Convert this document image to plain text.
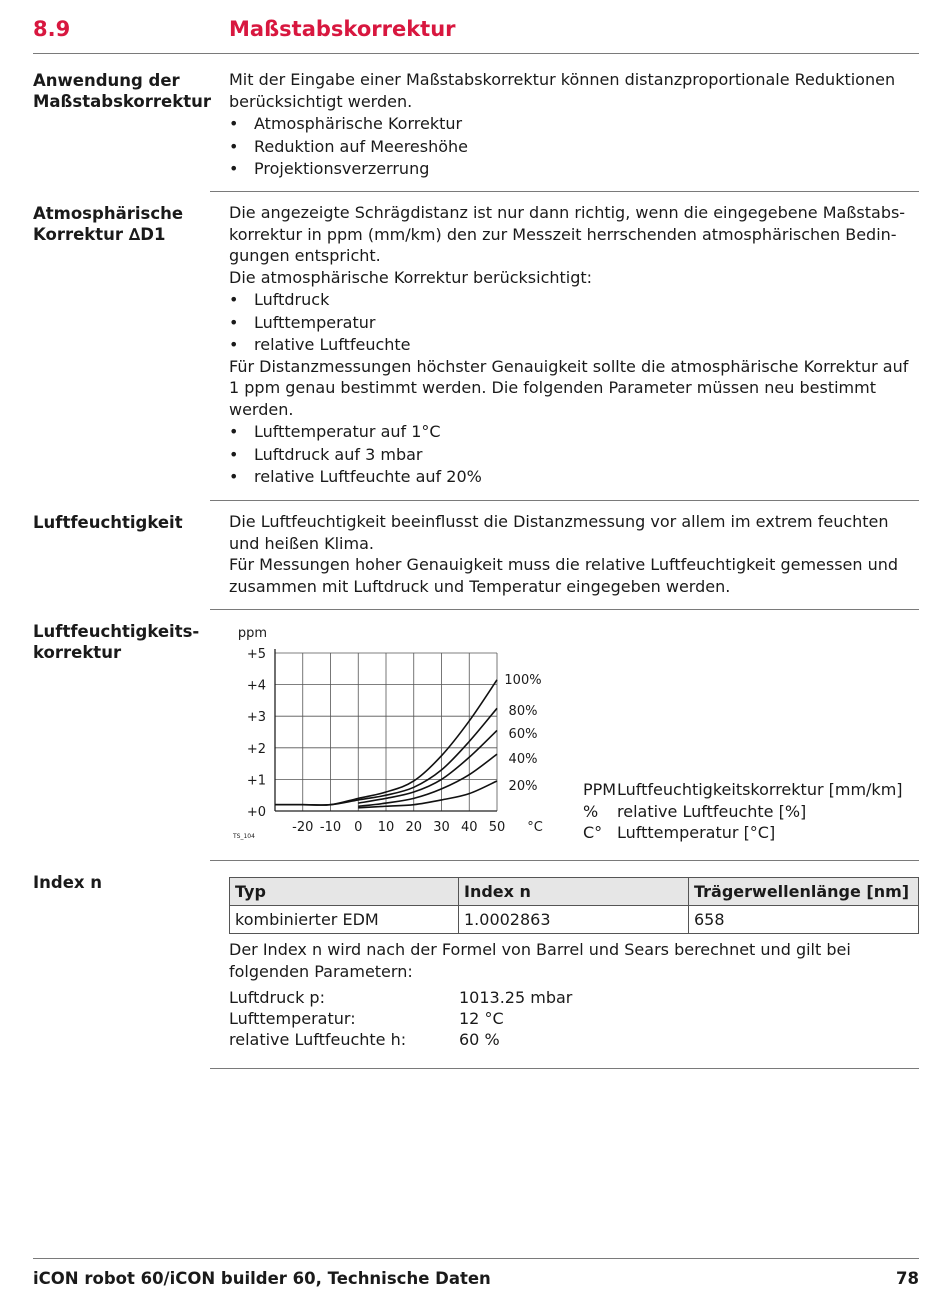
8.9	Maßstabskorrektur
Anwendung der
Maßstabskorrektur

Mit der Eingabe einer Maßstabskorrektur können distanzproportionale Reduktionen berücksichtigt werden.

• Atmosphärische Korrektur
• Reduktion auf Meereshöhe
• Projektionsverzerrung
Atmosphärische
Korrektur ∆D1

Die angezeigte Schrägdistanz ist nur dann richtig, wenn die eingegebene Maßstabs-korrektur in ppm (mm/km) den zur Messzeit herrschenden atmosphärischen Bedin-gungen entspricht.

Die atmosphärische Korrektur berücksichtigt:

• Luftdruck
• Lufttemperatur
• relative Luftfeuchte

Für Distanzmessungen höchster Genauigkeit sollte die atmosphärische Korrektur auf 1 ppm genau bestimmt werden. Die folgenden Parameter müssen neu bestimmt werden.

• Lufttemperatur auf 1°C
• Luftdruck auf 3 mbar
• relative Luftfeuchte auf 20%
Luftfeuchtigkeit	Die Luftfeuchtigkeit beeinflusst die Distanzmessung vor allem im extrem feuchten und heißen Klima.

Für Messungen hoher Genauigkeit muss die relative Luftfeuchtigkeit gemessen und zusammen mit Luftdruck und Temperatur eingegeben werden.

Luftfeuchtigkeits-
korrektur
+0
+1
+2
+3
+4
+5
-20 -10 0 10 20 30 40 50
ppm
°C
TS_104
100%
80%
60%
40%
20%	PPMLuftfeuchtigkeitskorrektur [mm/km]
% relative Luftfeuchte [%]
C° Lufttemperatur [°C]
Index n	Typ	Index n	Trägerwellenlänge [nm]
kombinierter EDM	1.0002863	658

Der Index n wird nach der Formel von Barrel und Sears berechnet und gilt bei folgenden Parametern:

Luftdruck p:	1013.25 mbar
Lufttemperatur:	12 °C
relative Luftfeuchte h:	60 %
iCON robot 60/iCON builder 60, Technische Daten	78
